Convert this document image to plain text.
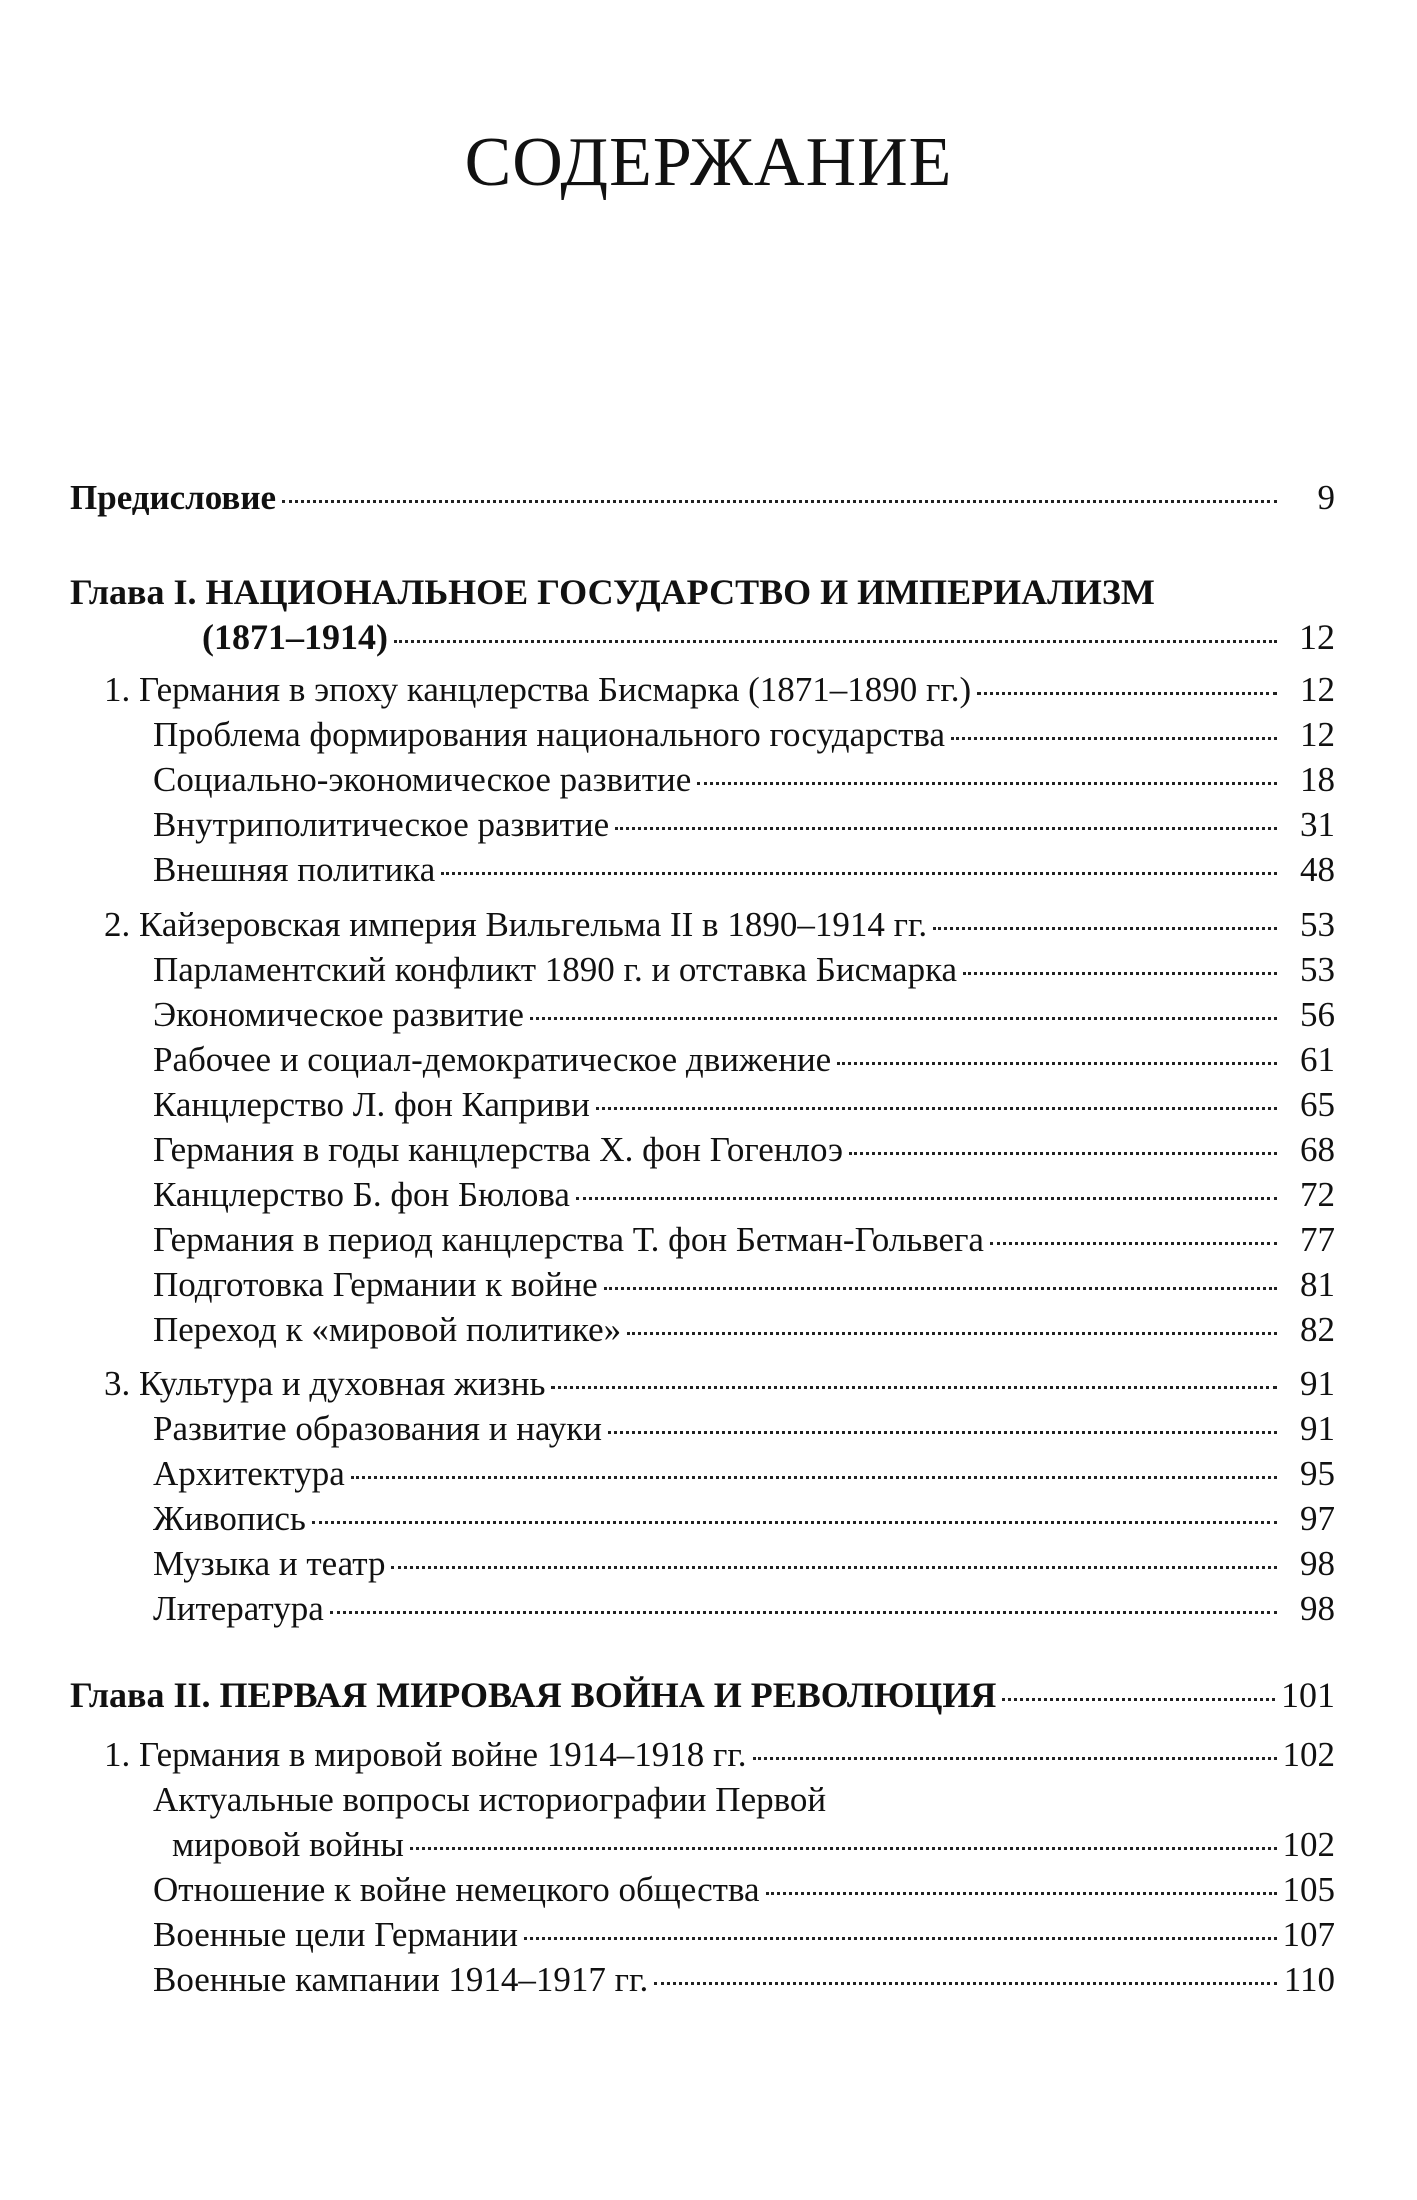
СОДЕРЖАНИЕ
Предисловие	9
Глава I. НАЦИОНАЛЬНОЕ ГОСУДАРСТВО И ИМПЕРИАЛИЗМ
(1871–1914)	12
1. Германия в эпоху канцлерства Бисмарка (1871–1890 гг.)	12
Проблема формирования национального государства	12
Социально-экономическое развитие	18
Внутриполитическое развитие	31
Внешняя политика	48
2. Кайзеровская империя Вильгельма II в 1890–1914 гг.	53
Парламентский конфликт 1890 г. и отставка Бисмарка	53
Экономическое развитие	56
Рабочее и социал-демократическое движение	61
Канцлерство Л. фон Каприви	65
Германия в годы канцлерства Х. фон Гогенлоэ	68
Канцлерство Б. фон Бюлова	72
Германия в период канцлерства Т. фон Бетман-Гольвега	77
Подготовка Германии к войне	81
Переход к «мировой политике»	82
3. Культура и духовная жизнь	91
Развитие образования и науки	91
Архитектура	95
Живопись	97
Музыка и театр	98
Литература	98
Глава II. ПЕРВАЯ МИРОВАЯ ВОЙНА И РЕВОЛЮЦИЯ	101
1. Германия в мировой войне 1914–1918 гг.	102
Актуальные вопросы историографии Первой
мировой войны	102
Отношение к войне немецкого общества	105
Военные цели Германии	107
Военные кампании 1914–1917 гг.	110
